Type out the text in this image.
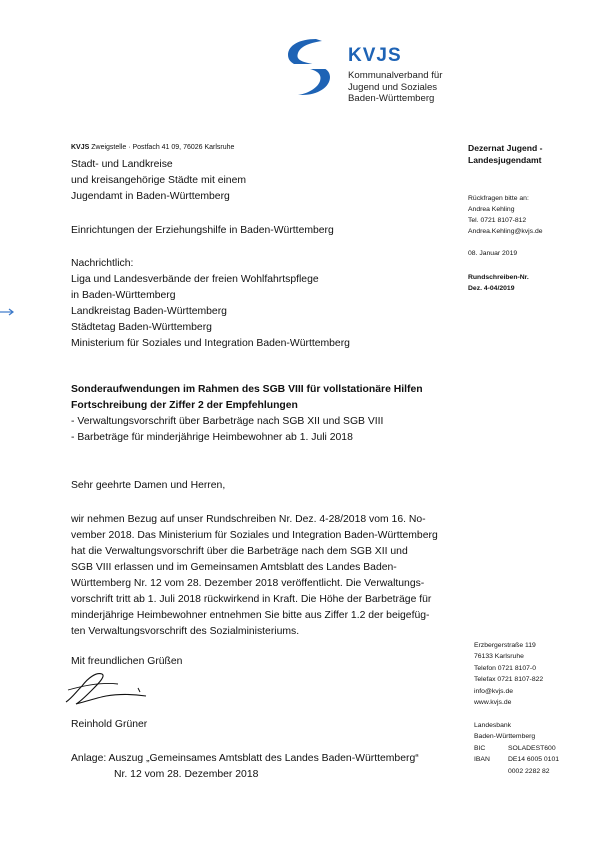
KVJS
Kommunalverband für
Jugend und Soziales
Baden-Württemberg
KVJS Zweigstelle · Postfach 41 09, 76026 Karlsruhe
Stadt- und Landkreise
und kreisangehörige Städte mit einem
Jugendamt in Baden-Württemberg
Einrichtungen der Erziehungshilfe in Baden-Württemberg
Nachrichtlich:
Liga und Landesverbände der freien Wohlfahrtspflege
in Baden-Württemberg
Landkreistag Baden-Württemberg
Städtetag Baden-Württemberg
Ministerium für Soziales und Integration Baden-Württemberg
Dezernat Jugend -
Landesjugendamt
Rückfragen bitte an:
Andrea Kehling
Tel. 0721 8107-812
Andrea.Kehling@kvjs.de
08. Januar 2019
Rundschreiben-Nr.
Dez. 4-04/2019
Sonderaufwendungen im Rahmen des SGB VIII für vollstationäre Hilfen
Fortschreibung der Ziffer 2 der Empfehlungen
- Verwaltungsvorschrift über Barbeträge nach SGB XII und SGB VIII
- Barbeträge für minderjährige Heimbewohner ab 1. Juli 2018
Sehr geehrte Damen und Herren,
wir nehmen Bezug auf unser Rundschreiben Nr. Dez. 4-28/2018 vom 16. No-
vember 2018. Das Ministerium für Soziales und Integration Baden-Württemberg
hat die Verwaltungsvorschrift über die Barbeträge nach dem SGB XII und
SGB VIII erlassen und im Gemeinsamen Amtsblatt des Landes Baden-
Württemberg Nr. 12 vom 28. Dezember 2018 veröffentlicht. Die Verwaltungs-
vorschrift tritt ab 1. Juli 2018 rückwirkend in Kraft. Die Höhe der Barbeträge für
minderjährige Heimbewohner entnehmen Sie bitte aus Ziffer 1.2 der beigefüg-
ten Verwaltungsvorschrift des Sozialministeriums.
Mit freundlichen Grüßen
Reinhold Grüner
Anlage: Auszug „Gemeinsames Amtsblatt des Landes Baden-Württemberg“
Nr. 12 vom 28. Dezember 2018
Erzbergerstraße 119
76133 Karlsruhe
Telefon 0721 8107-0
Telefax 0721 8107-822
info@kvjs.de
www.kvjs.de
Landesbank
Baden-Württemberg
BIC	SOLADEST600
IBAN	DE14 6005 0101
0002 2282 82
